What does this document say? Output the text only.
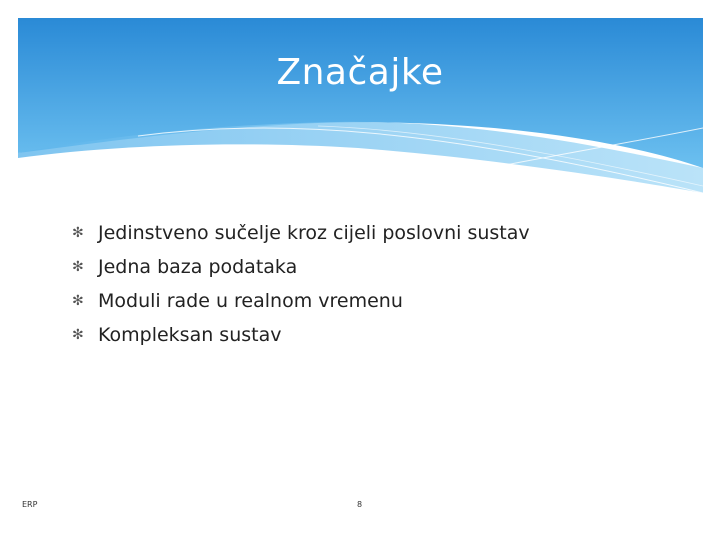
Značajke
✻ Jedinstveno sučelje kroz cijeli poslovni sustav
✻ Jedna baza podataka
✻ Moduli rade u realnom vremenu
✻ Kompleksan sustav
ERP	8
